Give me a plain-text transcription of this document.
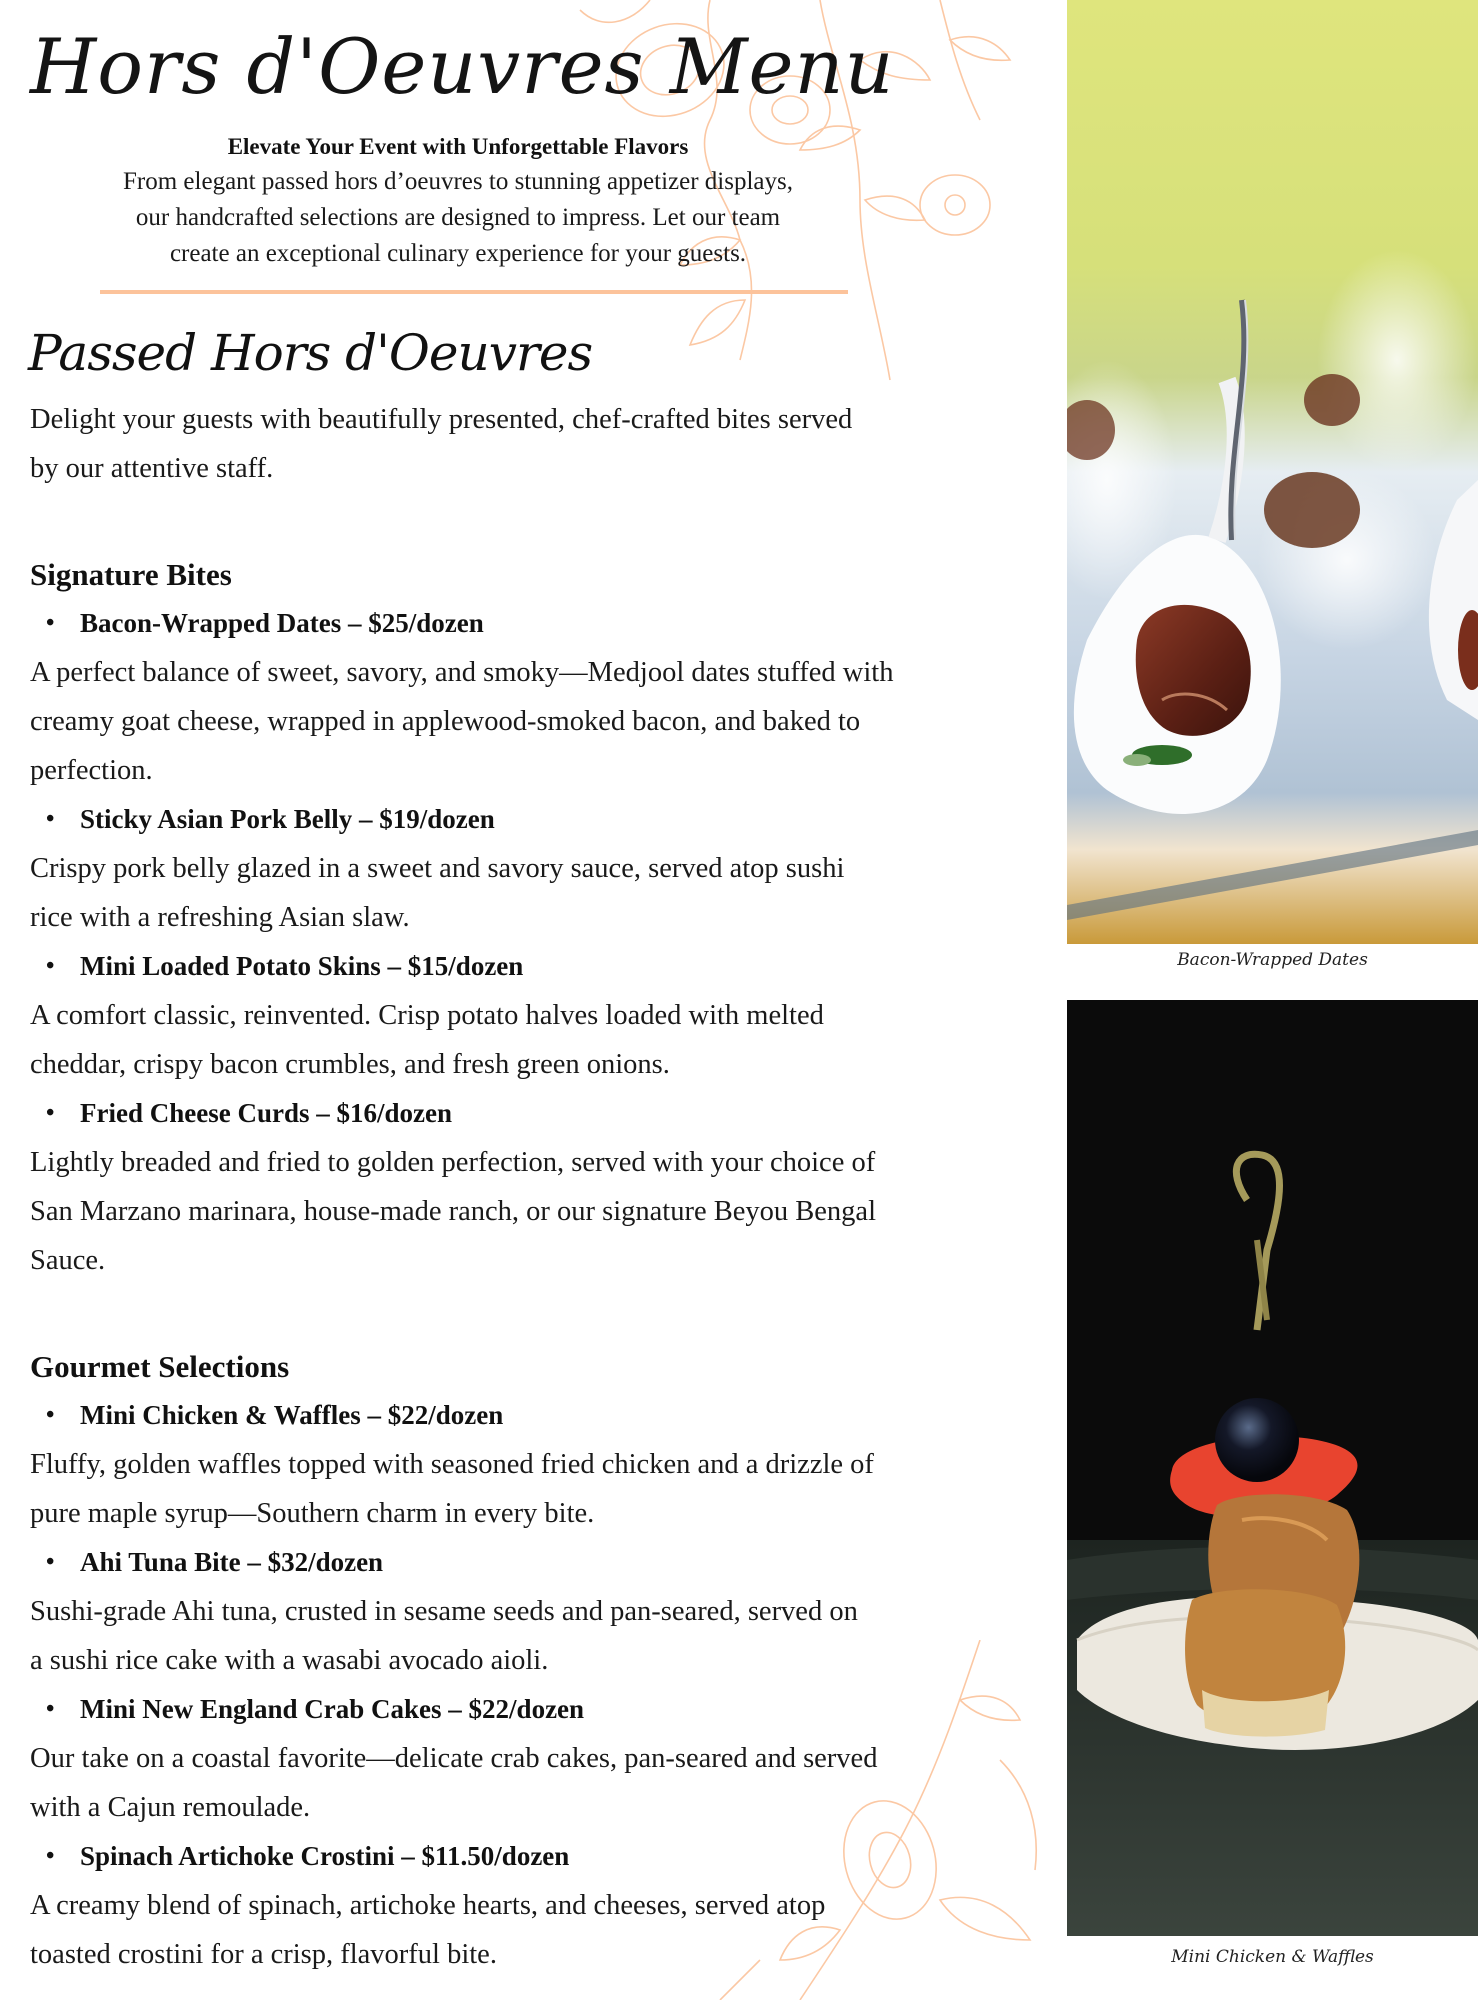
Hors d'Oeuvres Menu
Elevate Your Event with Unforgettable Flavors
From elegant passed hors d’oeuvres to stunning appetizer displays,
our handcrafted selections are designed to impress. Let our team
create an exceptional culinary experience for your guests.
Passed Hors d'Oeuvres
Delight your guests with beautifully presented, chef-crafted bites served
by our attentive staff.
Signature Bites
• Bacon-Wrapped Dates – $25/dozen
A perfect balance of sweet, savory, and smoky—Medjool dates stuffed with
creamy goat cheese, wrapped in applewood-smoked bacon, and baked to
perfection.
• Sticky Asian Pork Belly – $19/dozen
Crispy pork belly glazed in a sweet and savory sauce, served atop sushi
rice with a refreshing Asian slaw.
• Mini Loaded Potato Skins – $15/dozen
A comfort classic, reinvented. Crisp potato halves loaded with melted
cheddar, crispy bacon crumbles, and fresh green onions.
• Fried Cheese Curds – $16/dozen
Lightly breaded and fried to golden perfection, served with your choice of
San Marzano marinara, house-made ranch, or our signature Beyou Bengal
Sauce.
Gourmet Selections
• Mini Chicken & Waffles – $22/dozen
Fluffy, golden waffles topped with seasoned fried chicken and a drizzle of
pure maple syrup—Southern charm in every bite.
• Ahi Tuna Bite – $32/dozen
Sushi-grade Ahi tuna, crusted in sesame seeds and pan-seared, served on
a sushi rice cake with a wasabi avocado aioli.
• Mini New England Crab Cakes – $22/dozen
Our take on a coastal favorite—delicate crab cakes, pan-seared and served
with a Cajun remoulade.
• Spinach Artichoke Crostini – $11.50/dozen
A creamy blend of spinach, artichoke hearts, and cheeses, served atop
toasted crostini for a crisp, flavorful bite.
Bacon-Wrapped Dates
Mini Chicken & Waffles
